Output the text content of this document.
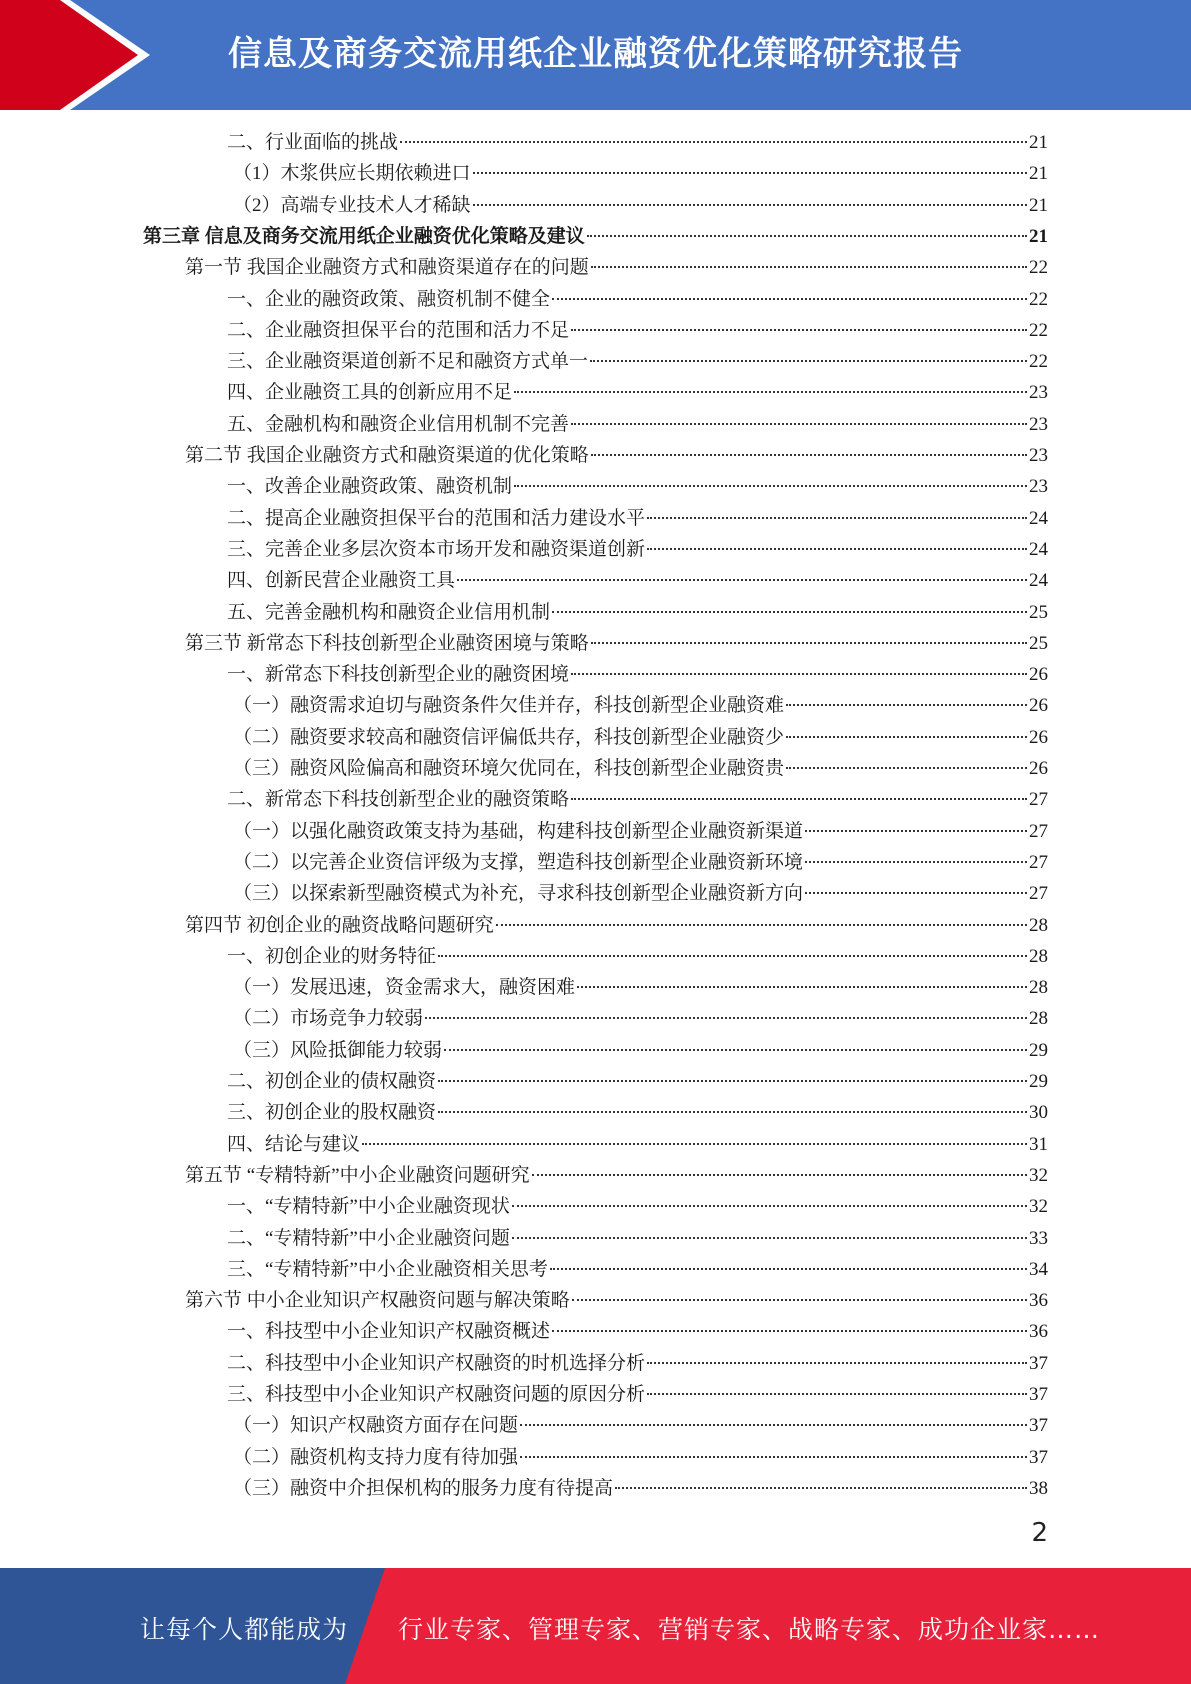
信息及商务交流用纸企业融资优化策略研究报告
二、行业面临的挑战	21
（1）木浆供应长期依赖进口	21
（2）高端专业技术人才稀缺	21
第三章 信息及商务交流用纸企业融资优化策略及建议	21
第一节 我国企业融资方式和融资渠道存在的问题	22
一、企业的融资政策、融资机制不健全	22
二、企业融资担保平台的范围和活力不足	22
三、企业融资渠道创新不足和融资方式单一	22
四、企业融资工具的创新应用不足	23
五、金融机构和融资企业信用机制不完善	23
第二节 我国企业融资方式和融资渠道的优化策略	23
一、改善企业融资政策、融资机制	23
二、提高企业融资担保平台的范围和活力建设水平	24
三、完善企业多层次资本市场开发和融资渠道创新	24
四、创新民营企业融资工具	24
五、完善金融机构和融资企业信用机制	25
第三节 新常态下科技创新型企业融资困境与策略	25
一、新常态下科技创新型企业的融资困境	26
（一）融资需求迫切与融资条件欠佳并存，科技创新型企业融资难	26
（二）融资要求较高和融资信评偏低共存，科技创新型企业融资少	26
（三）融资风险偏高和融资环境欠优同在，科技创新型企业融资贵	26
二、新常态下科技创新型企业的融资策略	27
（一）以强化融资政策支持为基础，构建科技创新型企业融资新渠道	27
（二）以完善企业资信评级为支撑，塑造科技创新型企业融资新环境	27
（三）以探索新型融资模式为补充，寻求科技创新型企业融资新方向	27
第四节 初创企业的融资战略问题研究	28
一、初创企业的财务特征	28
（一）发展迅速，资金需求大，融资困难	28
（二）市场竞争力较弱	28
（三）风险抵御能力较弱	29
二、初创企业的债权融资	29
三、初创企业的股权融资	30
四、结论与建议	31
第五节 “专精特新”中小企业融资问题研究	32
一、“专精特新”中小企业融资现状	32
二、“专精特新”中小企业融资问题	33
三、“专精特新”中小企业融资相关思考	34
第六节 中小企业知识产权融资问题与解决策略	36
一、科技型中小企业知识产权融资概述	36
二、科技型中小企业知识产权融资的时机选择分析	37
三、科技型中小企业知识产权融资问题的原因分析	37
（一）知识产权融资方面存在问题	37
（二）融资机构支持力度有待加强	37
（三）融资中介担保机构的服务力度有待提高	38
2
让每个人都能成为 行业专家、管理专家、营销专家、战略专家、成功企业家……
